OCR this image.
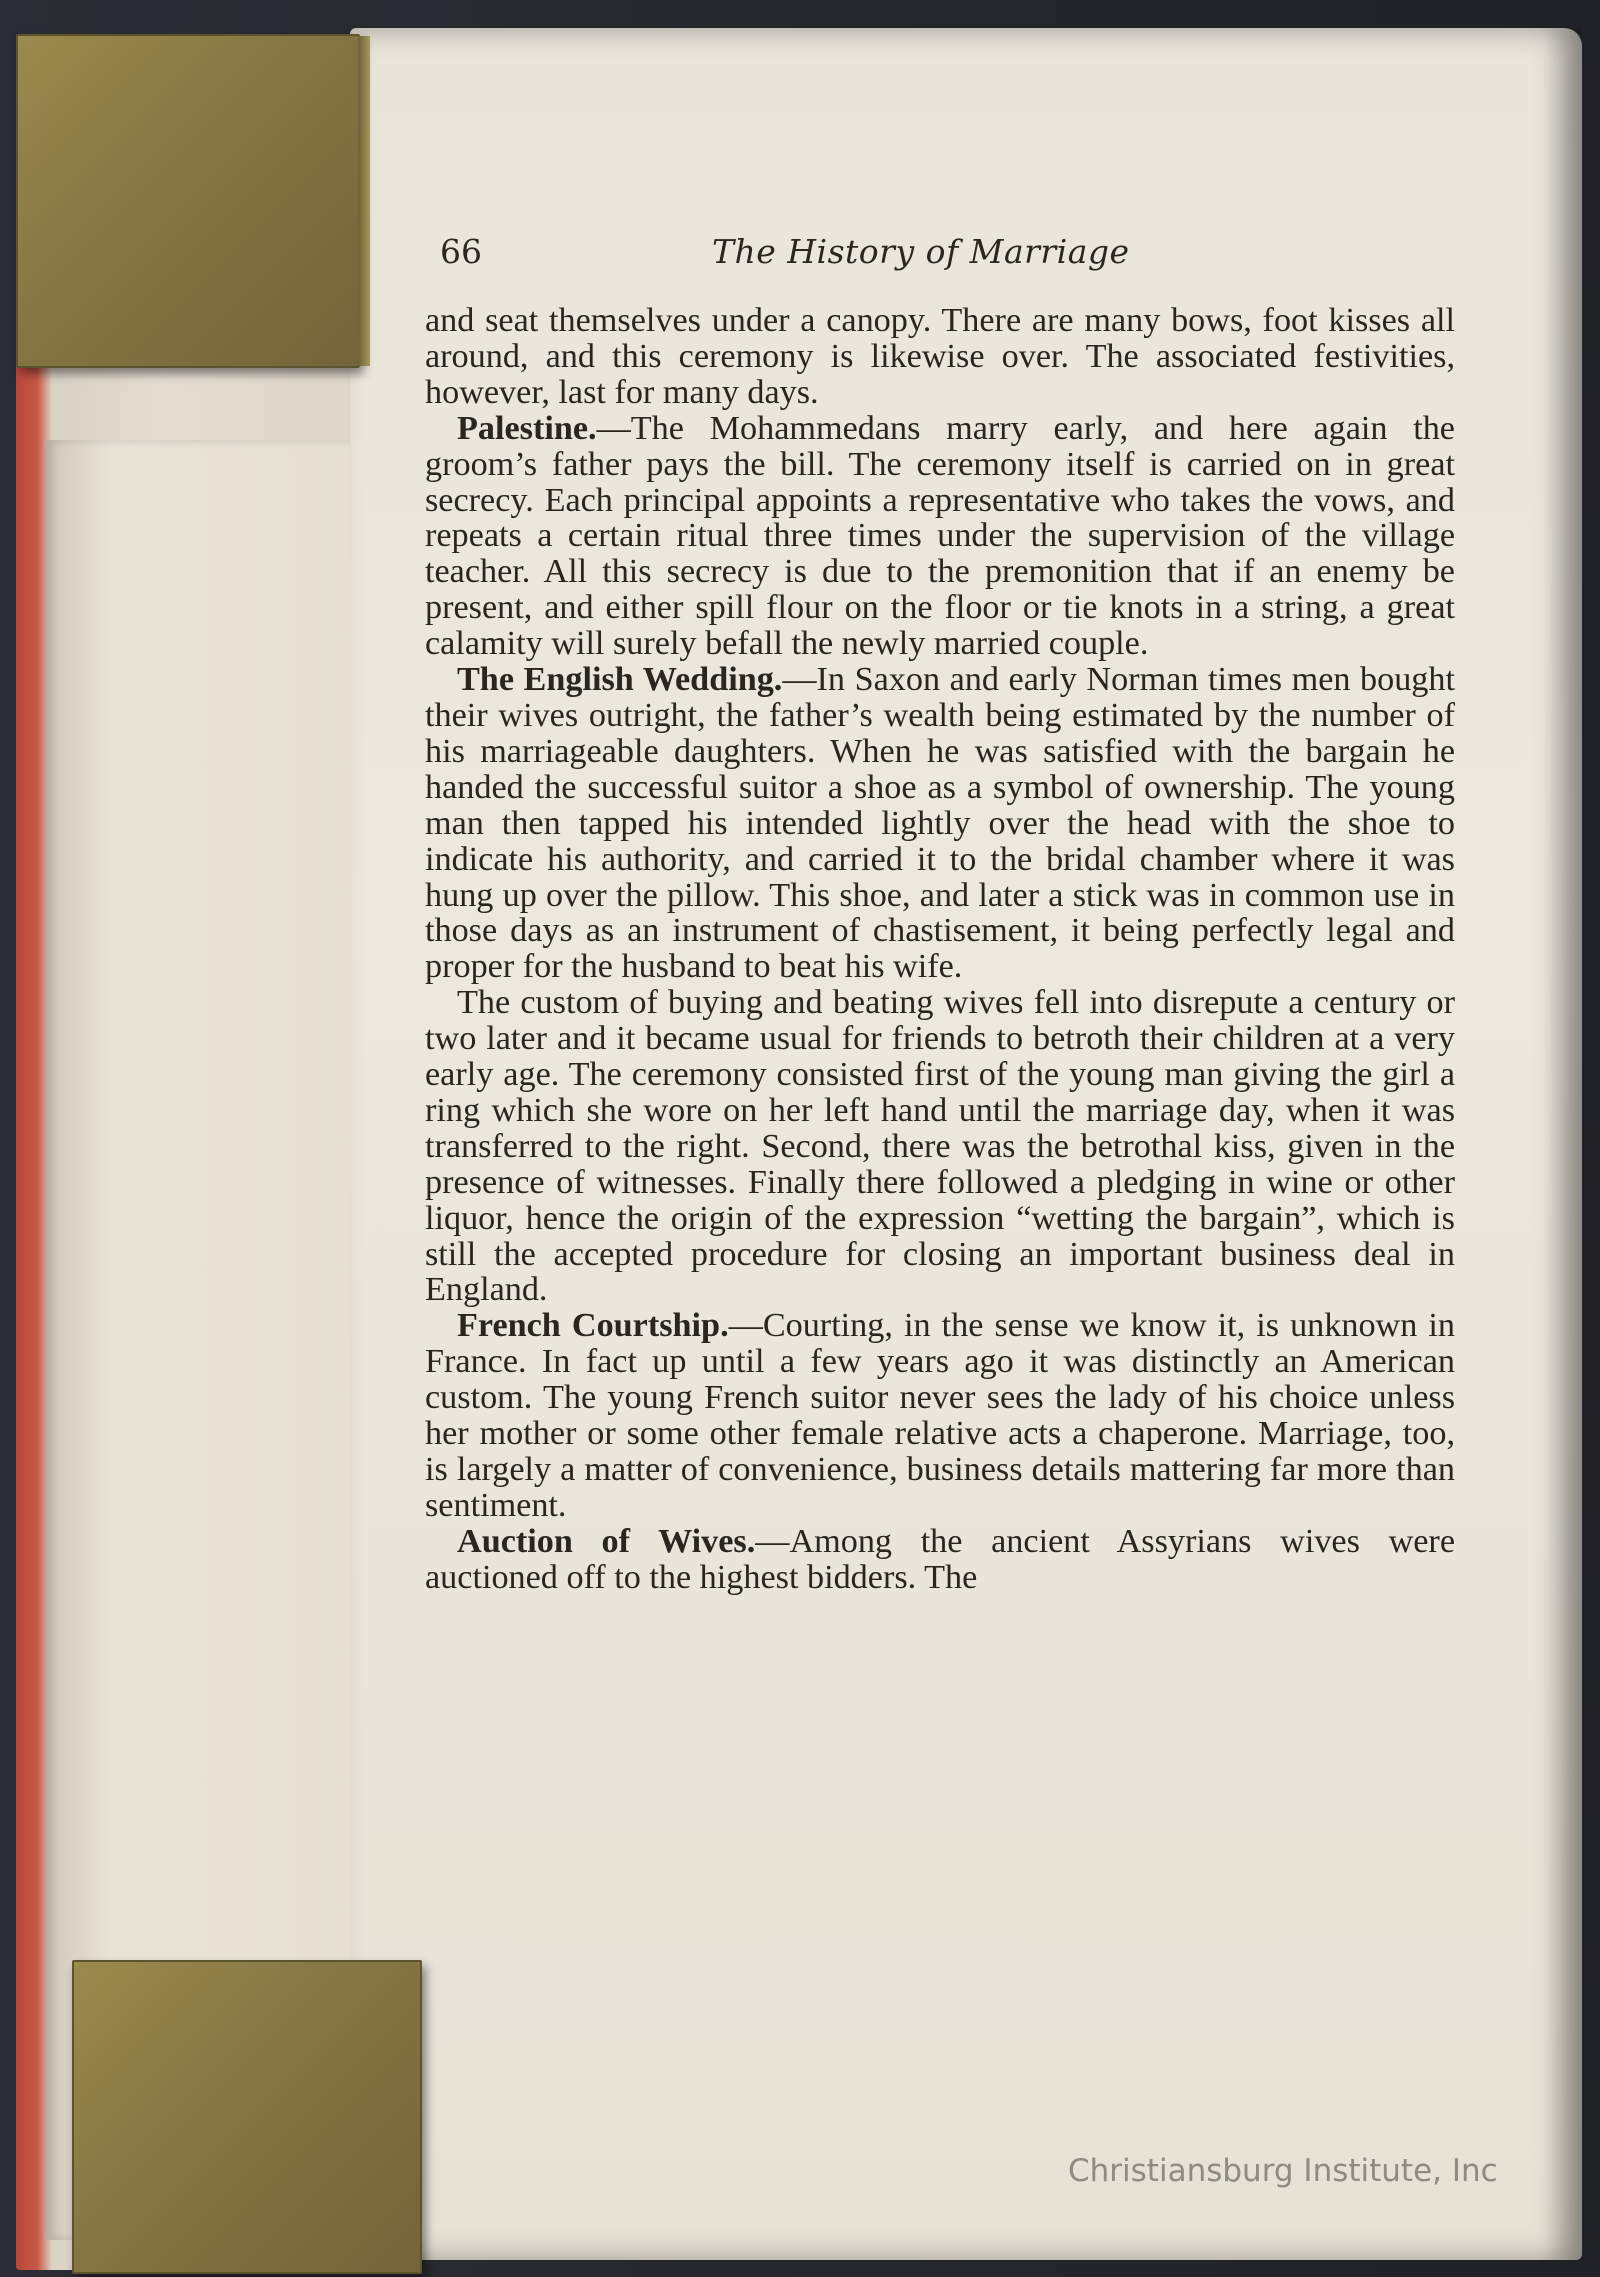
66	The History of Marriage

and seat themselves under a canopy. There are many bows, foot kisses all around, and this ceremony is likewise over. The associated festivities, however, last for many days.

Palestine.—The Mohammedans marry early, and here again the groom’s father pays the bill. The ceremony itself is carried on in great secrecy. Each principal appoints a representative who takes the vows, and repeats a certain ritual three times under the supervision of the village teacher. All this secrecy is due to the premonition that if an enemy be present, and either spill flour on the floor or tie knots in a string, a great calamity will surely befall the newly married couple.

The English Wedding.—In Saxon and early Norman times men bought their wives outright, the father’s wealth being estimated by the number of his marriageable daughters. When he was satisfied with the bargain he handed the successful suitor a shoe as a symbol of ownership. The young man then tapped his intended lightly over the head with the shoe to indicate his authority, and carried it to the bridal chamber where it was hung up over the pillow. This shoe, and later a stick was in common use in those days as an instrument of chastisement, it being perfectly legal and proper for the husband to beat his wife.

The custom of buying and beating wives fell into disrepute a century or two later and it became usual for friends to betroth their children at a very early age. The ceremony consisted first of the young man giving the girl a ring which she wore on her left hand until the marriage day, when it was transferred to the right. Second, there was the betrothal kiss, given in the presence of witnesses. Finally there followed a pledging in wine or other liquor, hence the origin of the expression “wetting the bargain”, which is still the accepted procedure for closing an important business deal in England.

French Courtship.—Courting, in the sense we know it, is unknown in France. In fact up until a few years ago it was distinctly an American custom. The young French suitor never sees the lady of his choice unless her mother or some other female relative acts a chaperone. Marriage, too, is largely a matter of convenience, business details mattering far more than sentiment.

Auction of Wives.—Among the ancient Assyrians wives were auctioned off to the highest bidders. The

Christiansburg Institute, Inc
